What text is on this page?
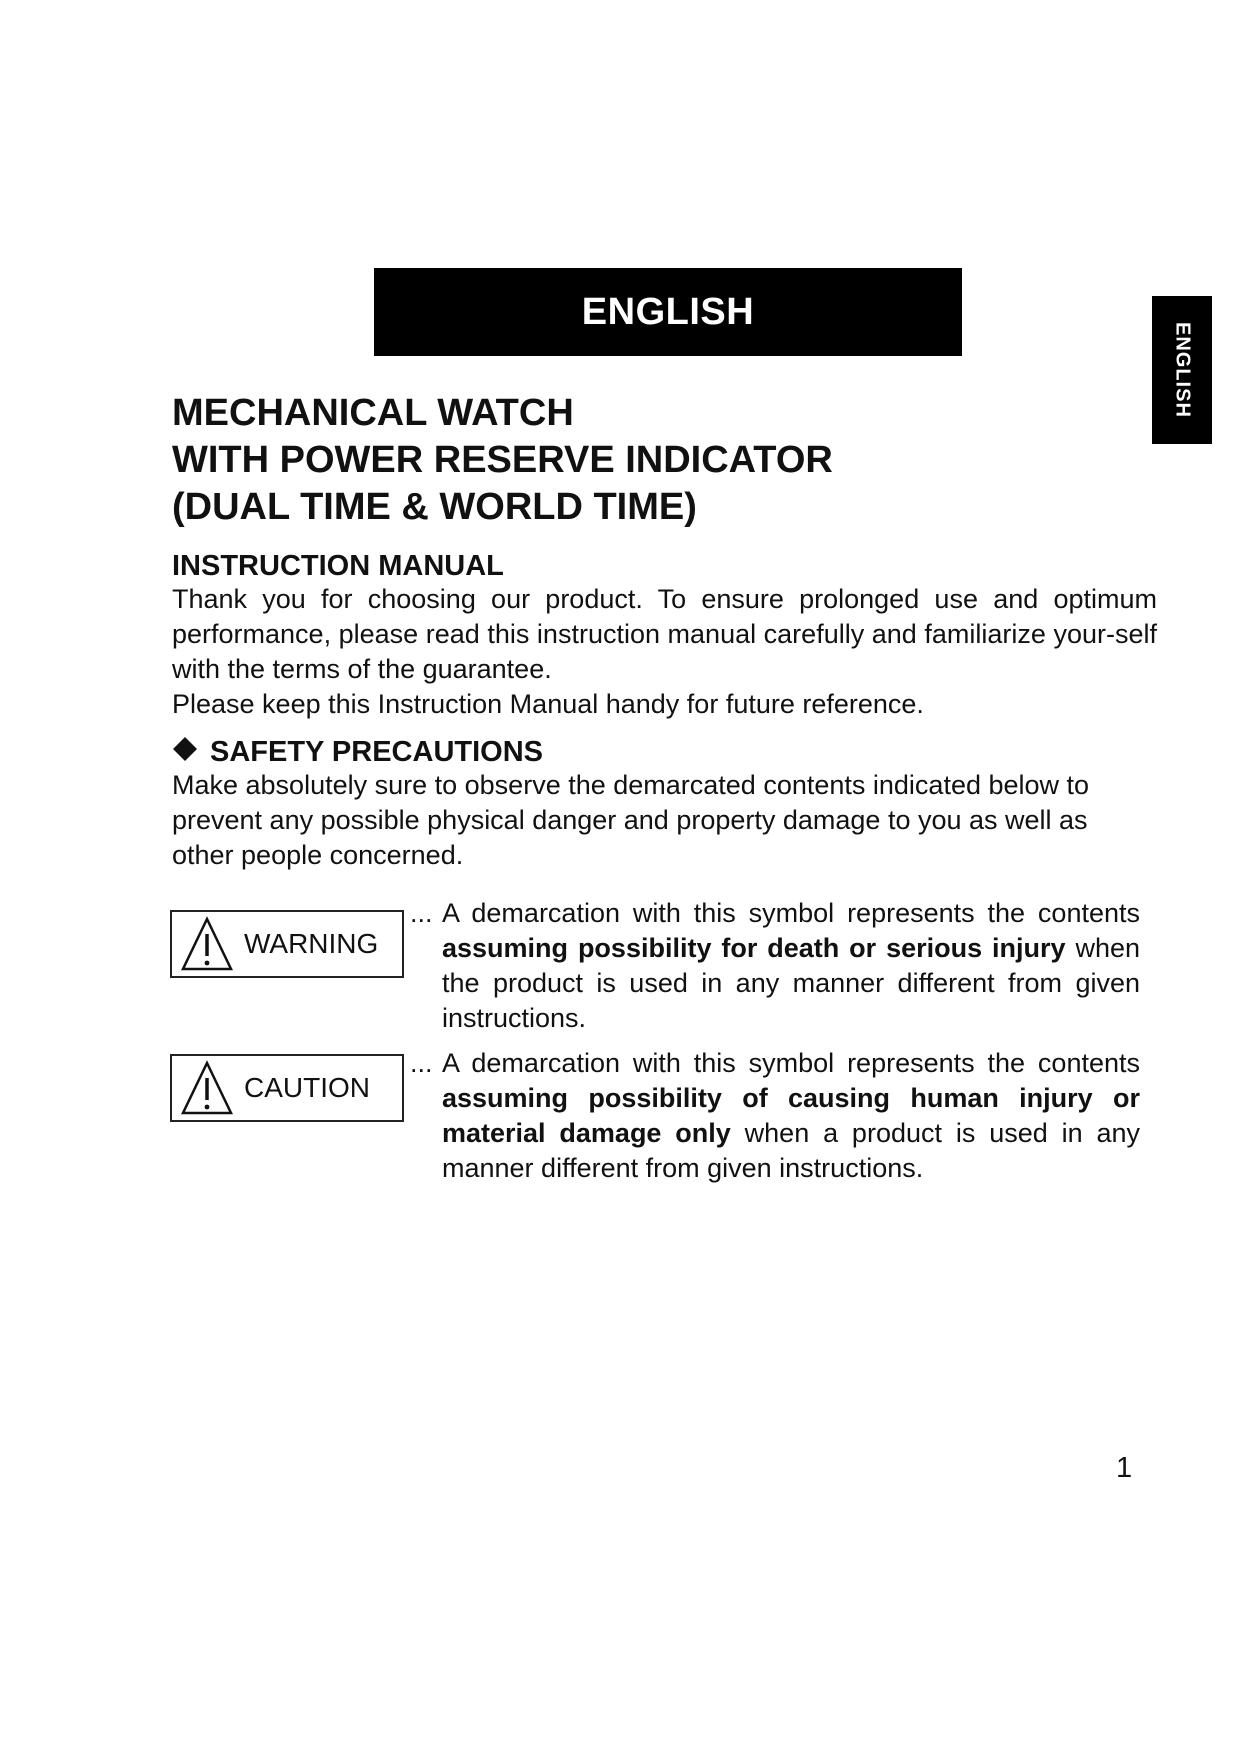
ENGLISH
ENGLISH
MECHANICAL WATCH
WITH POWER RESERVE INDICATOR
(DUAL TIME & WORLD TIME)
INSTRUCTION MANUAL

Thank you for choosing our product. To ensure prolonged use and optimum performance, please read this instruction manual carefully and familiarize your-self with the terms of the guarantee.

Please keep this Instruction Manual handy for future reference.

SAFETY PRECAUTIONS

Make absolutely sure to observe the demarcated contents indicated below to prevent any possible physical danger and property damage to you as well as other people concerned.

WARNING
... A demarcation with this symbol represents the contents assuming possibility for death or serious injury when the product is used in any manner different from given instructions.
CAUTION
... A demarcation with this symbol represents the contents assuming possibility of causing human injury or material damage only when a product is used in any manner different from given instructions.
1
